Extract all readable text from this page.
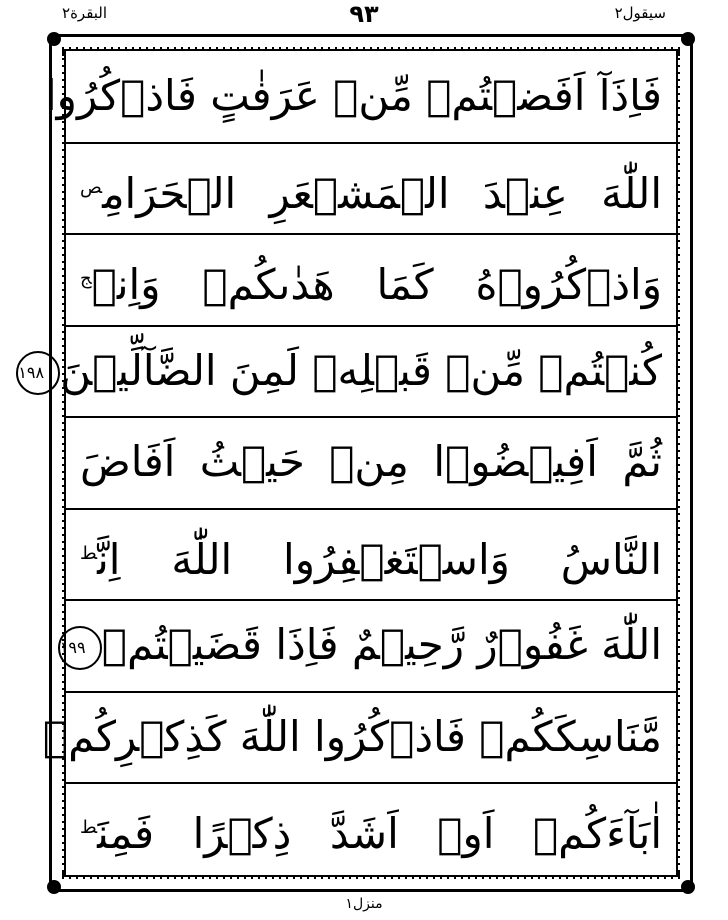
البقرة٢	٩٣	سیقول٢
فَاِذَآ اَفَضۡتُمۡ مِّنۡ عَرَفٰتٍ فَاذۡكُرُوا
اللّٰهَ عِنۡدَ الۡمَشۡعَرِ الۡحَرَامِ$^ص$
وَاذۡكُرُوۡهُ كَمَا هَدٰىكُمۡ وَاِنۡ$^ج$
كُنۡتُمۡ مِّنۡ قَبۡلِهٖ لَمِنَ الضَّآلِّيۡنَ١٩٨
ثُمَّ اَفِيۡضُوۡا مِنۡ حَيۡثُ اَفَاضَ
النَّاسُ وَاسۡتَغۡفِرُوا اللّٰهَ اِنَّ$^ط$
اللّٰهَ غَفُوۡرٌ رَّحِيۡمٌ فَاِذَا قَضَيۡتُمۡ١٩٩
مَّنَاسِكَكُمۡ فَاذۡكُرُوا اللّٰهَ كَذِكۡرِكُمۡ
اٰبَآءَكُمۡ اَوۡ اَشَدَّ ذِكۡرًا فَمِنَ$^ط$
منزل١
